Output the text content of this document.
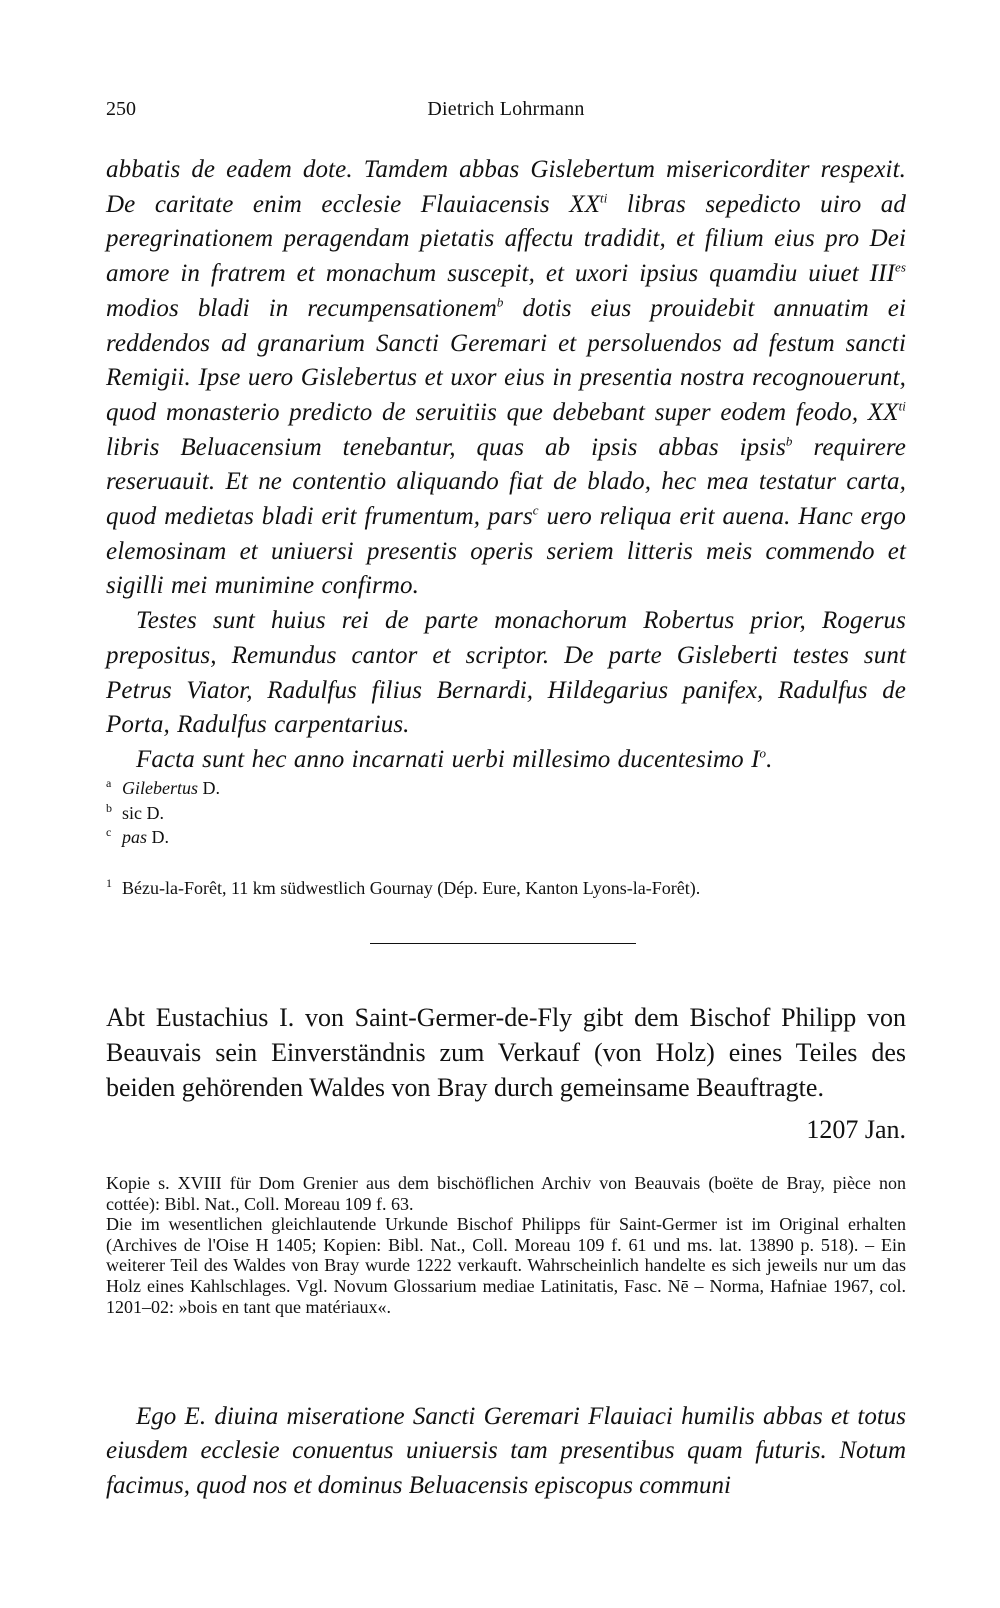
250	Dietrich Lohrmann

abbatis de eadem dote. Tamdem abbas Gislebertum misericorditer respexit. De caritate enim ecclesie Flauiacensis $XX^{ti}$ libras sepedicto uiro ad peregrinationem peragendam pietatis affectu tradidit, et filium eius pro Dei amore in fratrem et monachum suscepit, et uxori ipsius quamdiu uiuet $III^{es}$ modios bladi in recumpensationem$^b$ dotis eius prouidebit annuatim ei reddendos ad granarium Sancti Geremari et persoluendos ad festum sancti Remigii. Ipse uero Gislebertus et uxor eius in presentia nostra recognouerunt, quod monasterio predicto de seruitiis que debebant super eodem feodo, $XX^{ti}$ libris Beluacensium tenebantur, quas ab ipsis abbas ipsis$^b$ requirere reseruauit. Et ne contentio aliquando fiat de blado, hec mea testatur carta, quod medietas bladi erit frumentum, pars$^c$ uero reliqua erit auena. Hanc ergo elemosinam et uniuersi presentis operis seriem litteris meis commendo et sigilli mei munimine confirmo.

Testes sunt huius rei de parte monachorum Robertus prior, Rogerus prepositus, Remundus cantor et scriptor. De parte Gisleberti testes sunt Petrus Viator, Radulfus filius Bernardi, Hildegarius panifex, Radulfus de Porta, Radulfus carpentarius.

Facta sunt hec anno incarnati uerbi millesimo ducentesimo $I^o$.

a Gilebertus D.
b sic D.
c pas D.
1 Bézu-la-Forêt, 11 km südwestlich Gournay (Dép. Eure, Kanton Lyons-la-Forêt).
Abt Eustachius I. von Saint-Germer-de-Fly gibt dem Bischof Philipp von Beauvais sein Einverständnis zum Verkauf (von Holz) eines Teiles des beiden gehörenden Waldes von Bray durch gemeinsame Beauftragte.
1207 Jan.

Kopie s. XVIII für Dom Grenier aus dem bischöflichen Archiv von Beauvais (boëte de Bray, pièce non cottée): Bibl. Nat., Coll. Moreau 109 f. 63.

Die im wesentlichen gleichlautende Urkunde Bischof Philipps für Saint-Germer ist im Original erhalten (Archives de l'Oise H 1405; Kopien: Bibl. Nat., Coll. Moreau 109 f. 61 und ms. lat. 13890 p. 518). – Ein weiterer Teil des Waldes von Bray wurde 1222 verkauft. Wahrscheinlich handelte es sich jeweils nur um das Holz eines Kahlschlages. Vgl. Novum Glossarium mediae Latinitatis, Fasc. Nē – Norma, Hafniae 1967, col. 1201–02: »bois en tant que matériaux«.

Ego E. diuina miseratione Sancti Geremari Flauiaci humilis abbas et totus eiusdem ecclesie conuentus uniuersis tam presentibus quam futuris. Notum facimus, quod nos et dominus Beluacensis episcopus communi
